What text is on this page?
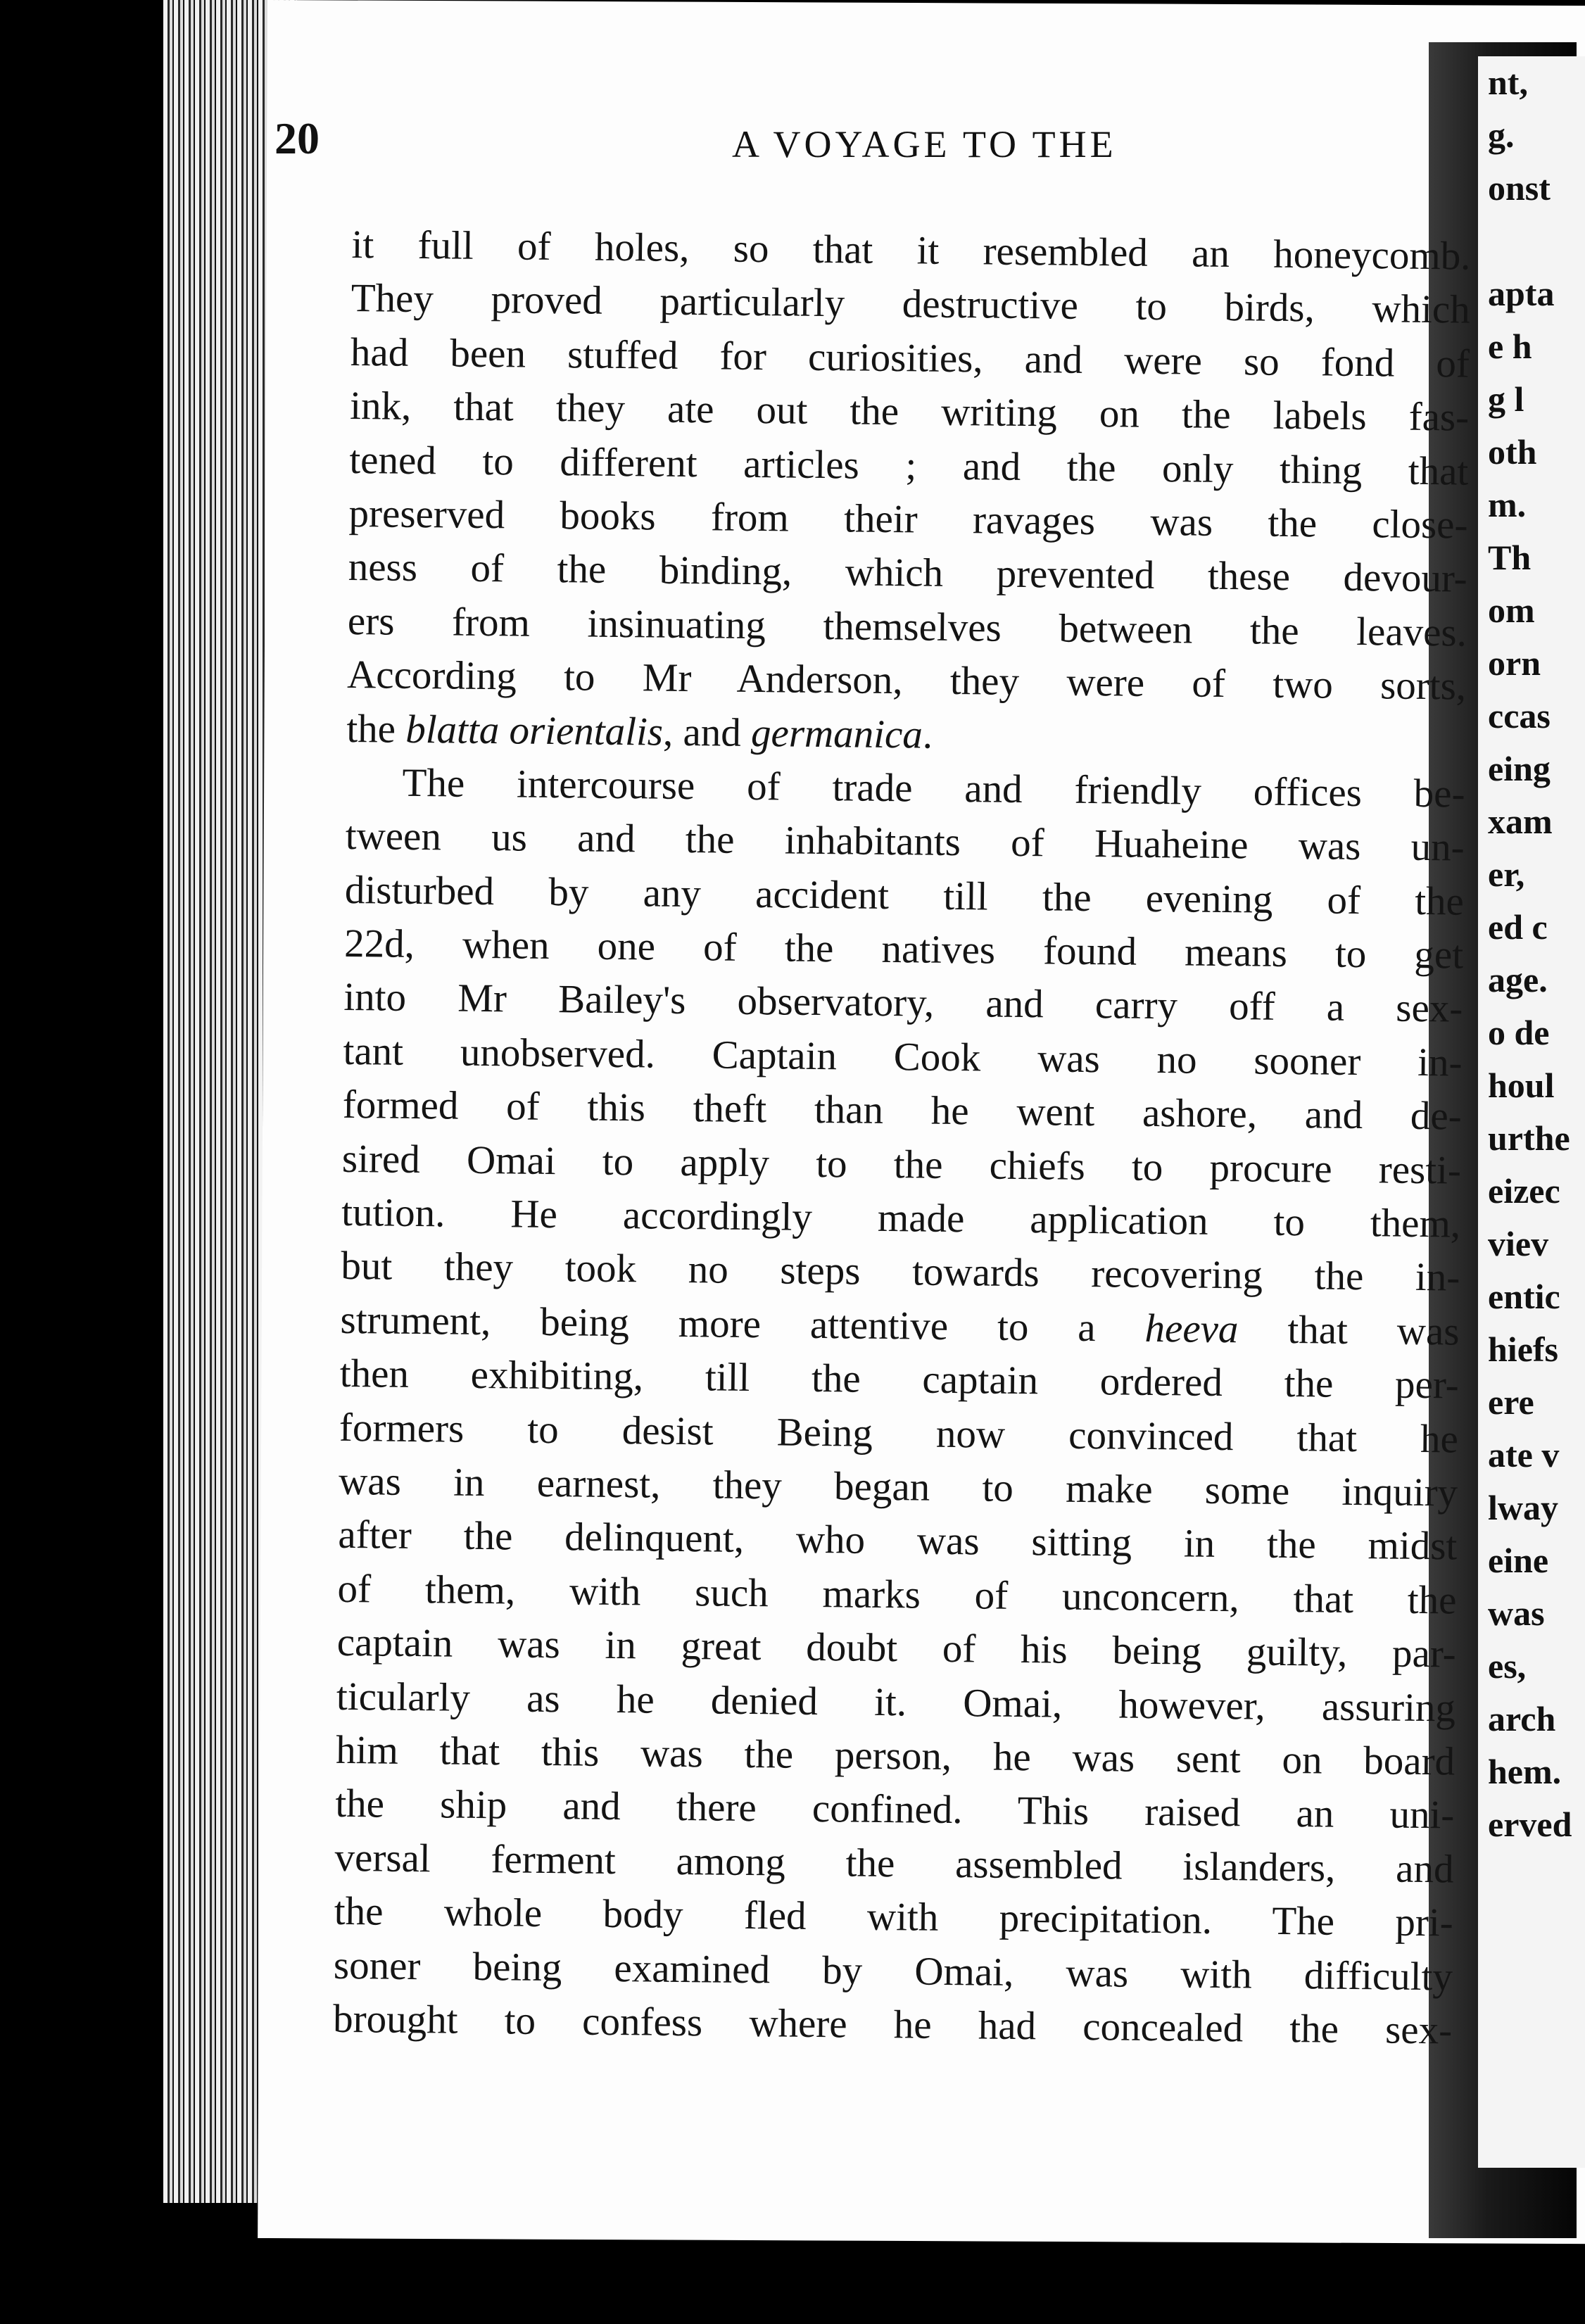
nt,
g.
onst
apta
e h
g l
oth
m.
Th
om
orn
ccas
eing
xam
er,
ed c
age.
o de
houl
urthe
eizec
viev
entic
hiefs
ere
ate v
lway
eine
was
es,
arch
hem.
erved
20	A VOYAGE TO THE
it full of holes, so that it resembled an honeycomb.
They proved particularly destructive to birds, which
had been stuffed for curiosities, and were so fond of
ink, that they ate out the writing on the labels fas-
tened to different articles ; and the only thing that
preserved books from their ravages was the close-
ness of the binding, which prevented these devour-
ers from insinuating themselves between the leaves.
According to Mr Anderson, they were of two sorts,
the blatta orientalis, and germanica.
The intercourse of trade and friendly offices be-
tween us and the inhabitants of Huaheine was un-
disturbed by any accident till the evening of the
22d, when one of the natives found means to get
into Mr Bailey's observatory, and carry off a sex-
tant unobserved. Captain Cook was no sooner in-
formed of this theft than he went ashore, and de-
sired Omai to apply to the chiefs to procure resti-
tution. He accordingly made application to them,
but they took no steps towards recovering the in-
strument, being more attentive to a heeva that was
then exhibiting, till the captain ordered the per-
formers to desist Being now convinced that he
was in earnest, they began to make some inquiry
after the delinquent, who was sitting in the midst
of them, with such marks of unconcern, that the
captain was in great doubt of his being guilty, par-
ticularly as he denied it. Omai, however, assuring
him that this was the person, he was sent on board
the ship and there confined. This raised an uni-
versal ferment among the assembled islanders, and
the whole body fled with precipitation. The pri-
soner being examined by Omai, was with difficulty
brought to confess where he had concealed the sex-
